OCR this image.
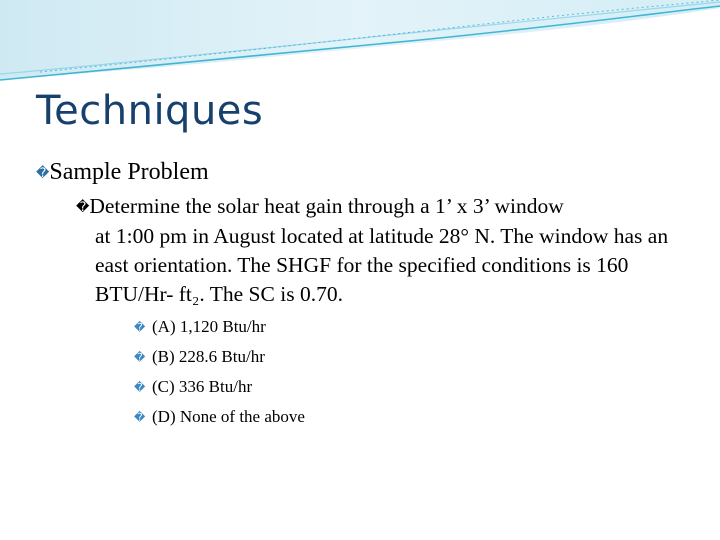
Techniques
�Sample Problem
�Determine the solar heat gain through a 1’ x 3’ window
at 1:00 pm in August located at latitude 28° N. The window has an east orientation. The SHGF for the specified conditions is 160 BTU/Hr- ft₂. The SC is 0.70.
� (A) 1,120 Btu/hr
� (B) 228.6 Btu/hr
� (C) 336 Btu/hr
� (D) None of the above
